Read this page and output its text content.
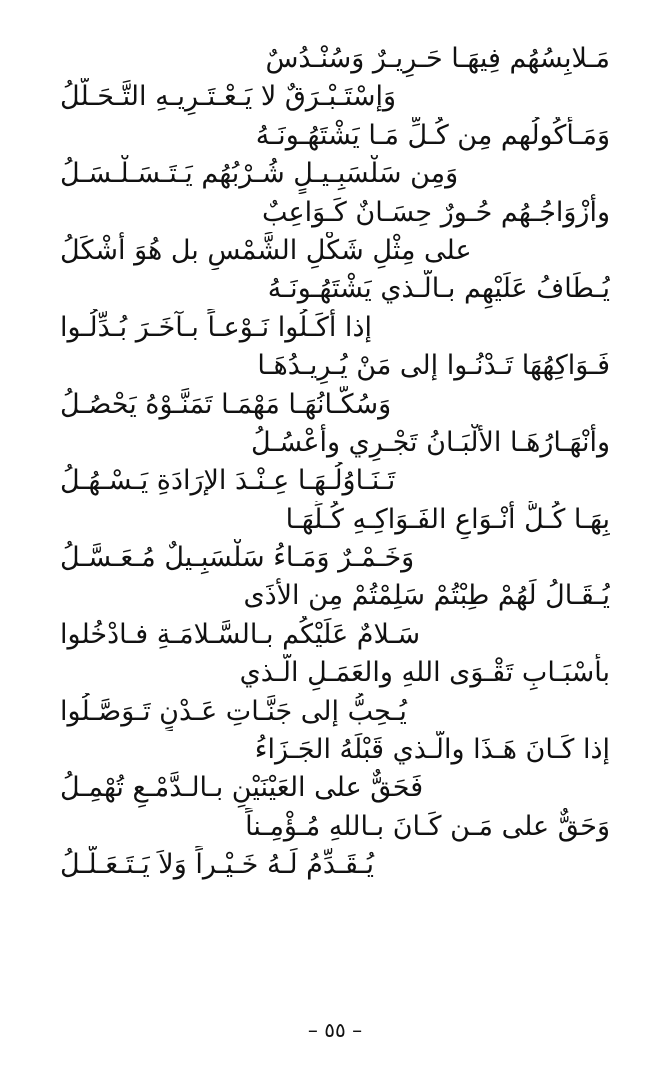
مَـلابِسُهُم فِيهَـا حَـرِيـرٌ وَسُنْـدُسٌ
وَإسْتَـبْـرَقٌ لا يَـعْـتَـرِيـهِ التَّـحَـلُّلُ
وَمَـأكُولُهم مِن كُـلِّ مَـا يَشْتَهُـونَـهُ
وَمِن سَلْسَبِـيـلٍ شُـرْبُهُم يَـتَـسَـلْـسَـلُ
وأزْوَاجُـهُم حُـورٌ حِسَـانٌ كَـوَاعِبٌ
على مِثْلِ شَكْلِ الشَّمْسِ بل هُوَ أشْكَلُ
يُـطَافُ عَلَيْهِم بـالَّـذي يَشْتَهُـونَـهُ
إذا أكَـلُوا نَـوْعـاً بـآخَـرَ بُـدِّلُـوا
فَـوَاكِهُهَا تَـدْنُـوا إلى مَنْ يُـرِيـدُهَـا
وَسُكَّـانُهَـا مَهْمَـا تَمَنَّـوْهُ يَحْصُـلُ
وأنْهَـارُهَـا الألْبَـانُ تَجْـرِي وأعْسُـلُ
تَـنَـاوُلُـهَـا عِـنْـدَ الإرَادَةِ يَـسْـهُـلُ
بِهَـا كُـلُّ أنْـوَاعِ الفَـوَاكِـهِ كُـلِّهَـا
وَخَـمْـرٌ وَمَـاءُ سَلْسَبِـيلٌ مُـعَـسَّـلُ
يُـقَـالُ لَهُمْ طِبْتُمْ سَلِمْتُمْ مِن الأذَى
سَـلامٌ عَلَيْكُم بـالسَّـلامَـةِ فـادْخُلوا
بأسْبَـابِ تَقْـوَى اللهِ والعَمَـلِ الَّـذي
يُـحِبُّ إلى جَنَّـاتِ عَـدْنٍ تَـوَصَّـلُوا
إذا كَـانَ هَـذَا والَّـذي قَبْلَهُ الجَـزَاءُ
فَحَقٌّ على العَيْنَيْنِ بـالـدَّمْـعِ تُهْمِـلُ
وَحَقٌّ على مَـن كَـانَ بـاللهِ مُـؤْمِـناً
يُـقَـدِّمُ لَـهُ خَـيْـراً وَلاَ يَـتَـعَـلَّـلُ
– ٥٥ –
